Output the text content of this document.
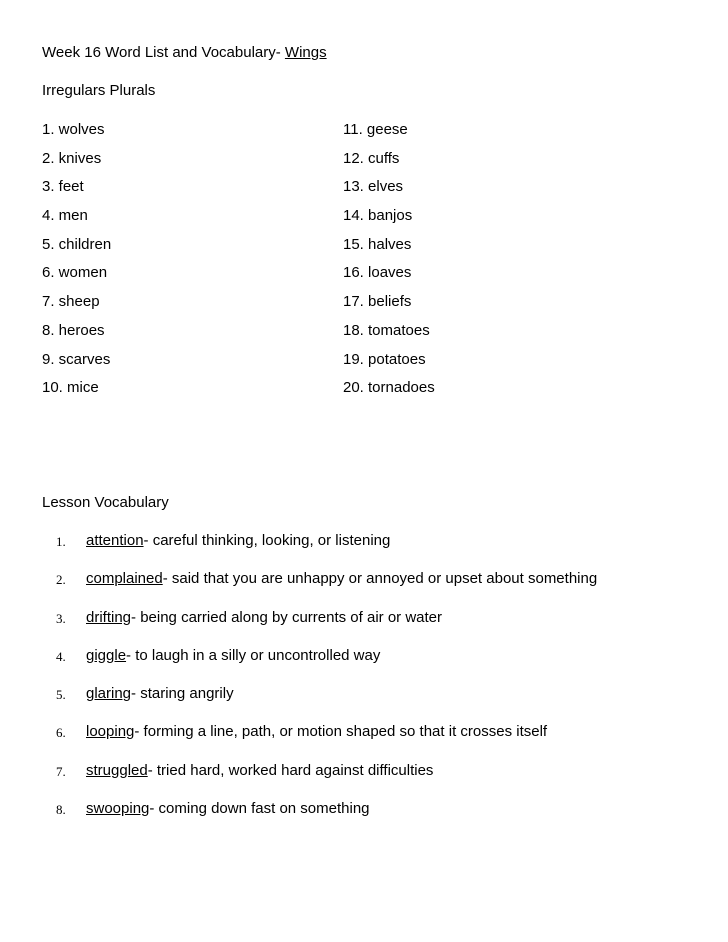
Week 16 Word List and Vocabulary- Wings
Irregulars Plurals
1. wolves
2. knives
3. feet
4. men
5. children
6. women
7. sheep
8. heroes
9. scarves
10. mice
11. geese
12. cuffs
13. elves
14. banjos
15. halves
16. loaves
17. beliefs
18. tomatoes
19. potatoes
20. tornadoes
Lesson Vocabulary
1.	attention- careful thinking, looking, or listening
2.	complained- said that you are unhappy or annoyed or upset about something
3.	drifting- being carried along by currents of air or water
4.	giggle- to laugh in a silly or uncontrolled way
5.	glaring- staring angrily
6.	looping- forming a line, path, or motion shaped so that it crosses itself
7.	struggled- tried hard, worked hard against difficulties
8.	swooping- coming down fast on something
